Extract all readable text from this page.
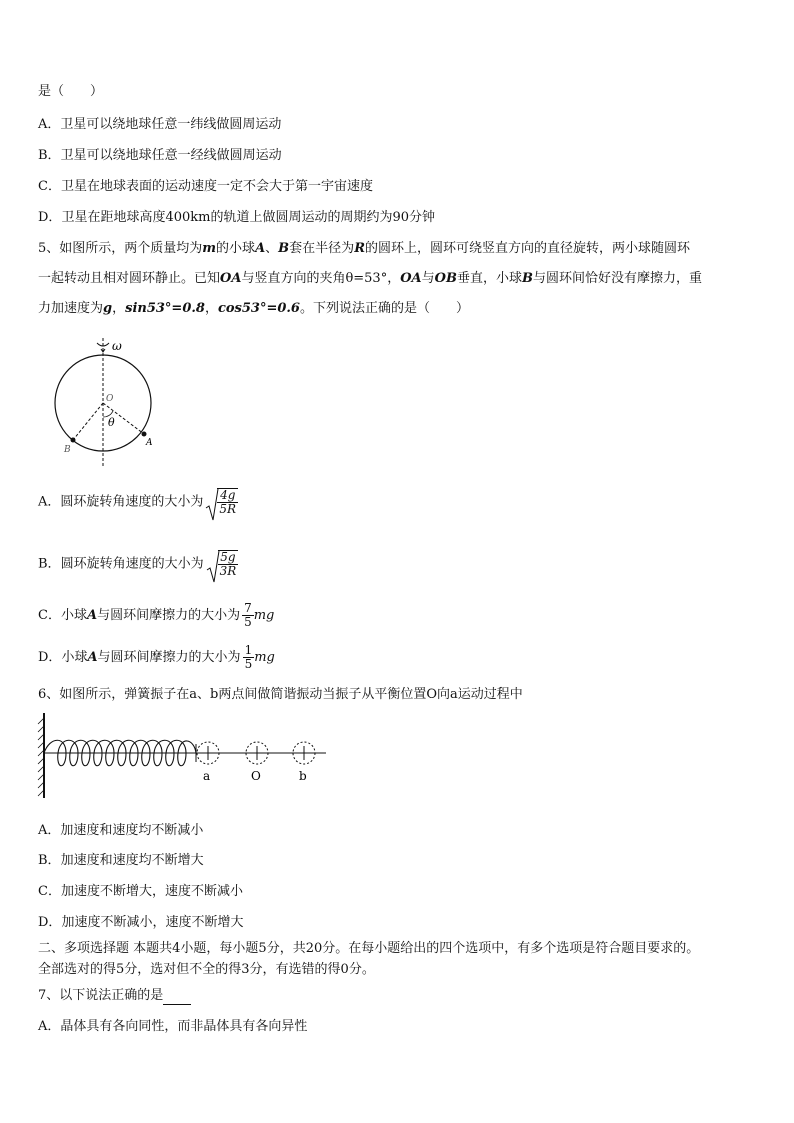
是（　　）
A．卫星可以绕地球任意一纬线做圆周运动
B．卫星可以绕地球任意一经线做圆周运动
C．卫星在地球表面的运动速度一定不会大于第一宇宙速度
D．卫星在距地球高度400km的轨道上做圆周运动的周期约为90分钟
5、如图所示，两个质量均为m的小球A、B套在半径为R的圆环上，圆环可绕竖直方向的直径旋转，两小球随圆环
一起转动且相对圆环静止。已知OA与竖直方向的夹角θ=53°，OA与OB垂直，小球B与圆环间恰好没有摩擦力，重
力加速度为g，sin53°=0.8，cos53°=0.6。下列说法正确的是（　　）
ω
O
θ
A
B
A．圆环旋转角速度的大小为 $\frac{4g}{5R}$
B．圆环旋转角速度的大小为 $\frac{5g}{3R}$
C．小球A与圆环间摩擦力的大小为 $\frac{7}{5}$ mg
D．小球A与圆环间摩擦力的大小为 $\frac{1}{5}$ mg
6、如图所示，弹簧振子在a、b两点间做简谐振动当振子从平衡位置O向a运动过程中
a	O	b
A．加速度和速度均不断减小
B．加速度和速度均不断增大
C．加速度不断增大，速度不断减小
D．加速度不断减小，速度不断增大
二、多项选择题 本题共4小题，每小题5分，共20分。在每小题给出的四个选项中，有多个选项是符合题目要求的。
全部选对的得5分，选对但不全的得3分，有选错的得0分。
7、以下说法正确的是
A．晶体具有各向同性，而非晶体具有各向异性
